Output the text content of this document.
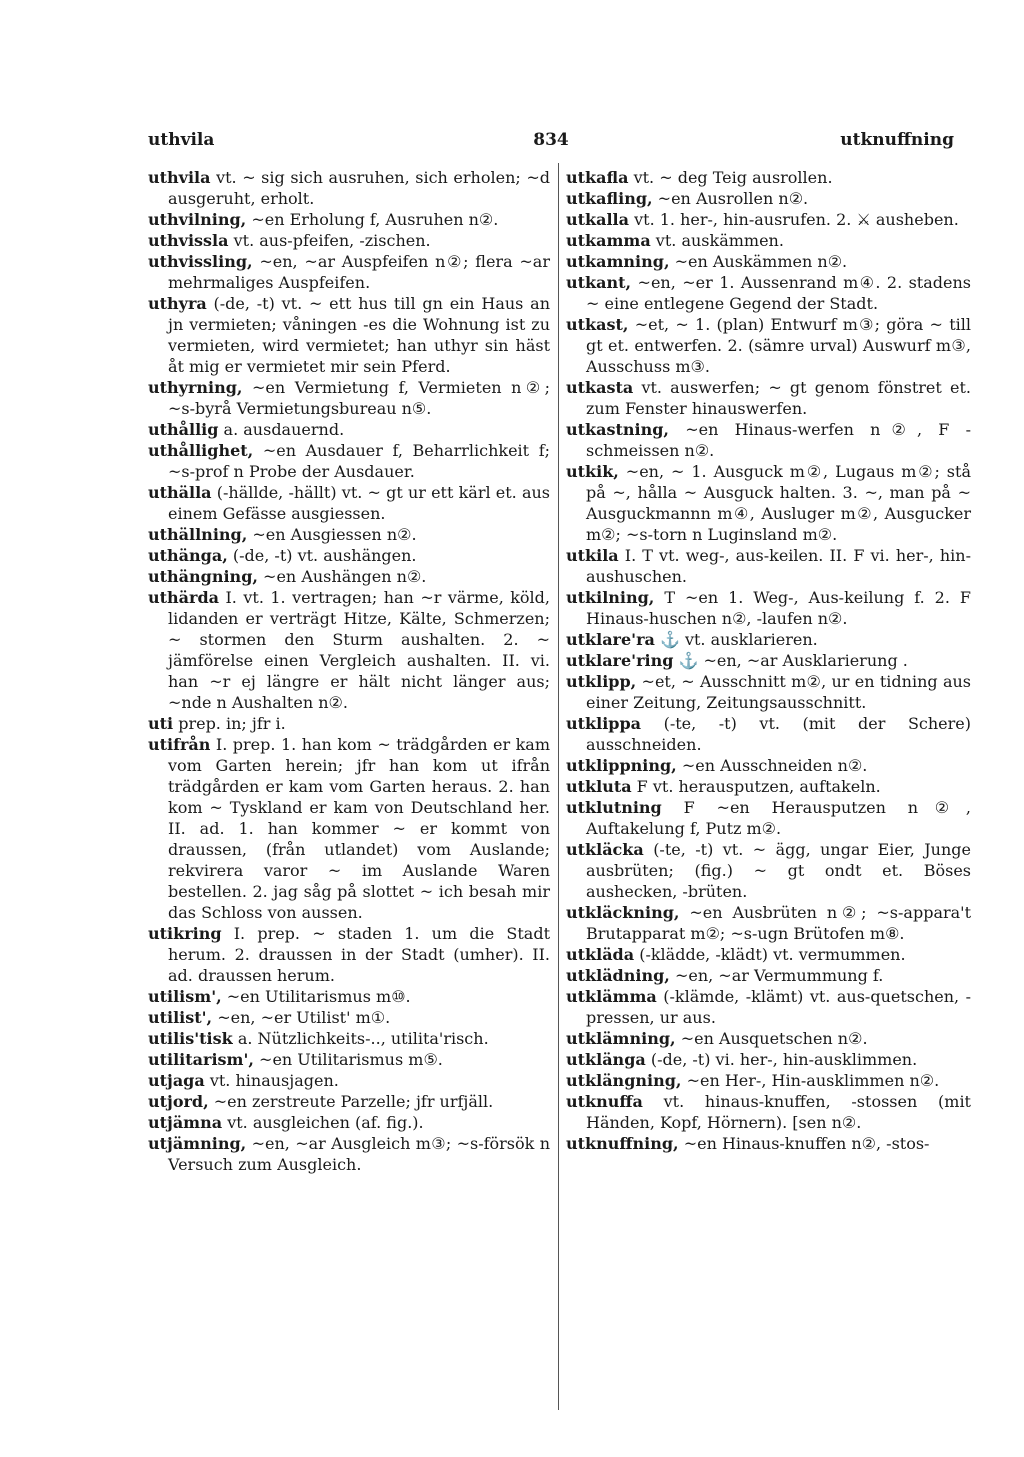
uthvila	834	utknuffning

uthvila vt. ~ sig sich ausruhen, sich erholen; ~d ausgeruht, erholt.

uthvilning, ~en Erholung f, Ausruhen n②.

uthvissla vt. aus-pfeifen, -zischen.

uthvissling, ~en, ~ar Auspfeifen n②; flera ~ar mehrmaliges Auspfeifen.

uthyra (-de, -t) vt. ~ ett hus till gn ein Haus an jn vermieten; våningen -es die Wohnung ist zu vermieten, wird vermietet; han uthyr sin häst åt mig er vermietet mir sein Pferd.

uthyrning, ~en Vermietung f, Vermieten n②; ~s-byrå Vermietungsbureau n⑤.

uthållig a. ausdauernd.

uthållighet, ~en Ausdauer f, Beharrlichkeit f; ~s-prof n Probe der Ausdauer.

uthälla (-hällde, -hällt) vt. ~ gt ur ett kärl et. aus einem Gefässe ausgiessen.

uthällning, ~en Ausgiessen n②.

uthänga, (-de, -t) vt. aushängen.

uthängning, ~en Aushängen n②.

uthärda I. vt. 1. vertragen; han ~r värme, köld, lidanden er verträgt Hitze, Kälte, Schmerzen; ~ stormen den Sturm aushalten. 2. ~ jämförelse einen Vergleich aushalten. II. vi. han ~r ej längre er hält nicht länger aus; ~nde n Aushalten n②.

uti prep. in; jfr i.

utifrån I. prep. 1. han kom ~ trädgården er kam vom Garten herein; jfr han kom ut ifrån trädgården er kam vom Garten heraus. 2. han kom ~ Tyskland er kam von Deutschland her. II. ad. 1. han kommer ~ er kommt von draussen, (från utlandet) vom Auslande; rekvirera varor ~ im Auslande Waren bestellen. 2. jag såg på slottet ~ ich besah mir das Schloss von aussen.

utikring I. prep. ~ staden 1. um die Stadt herum. 2. draussen in der Stadt (umher). II. ad. draussen herum.

utilism', ~en Utilitarismus m⑩.

utilist', ~en, ~er Utilist' m①.

utilis'tisk a. Nützlichkeits-.., utilita'risch.

utilitarism', ~en Utilitarismus m⑤.

utjaga vt. hinausjagen.

utjord, ~en zerstreute Parzelle; jfr urfjäll.

utjämna vt. ausgleichen (af. fig.).

utjämning, ~en, ~ar Ausgleich m③; ~s-försök n Versuch zum Ausgleich.

utkafla vt. ~ deg Teig ausrollen.

utkafling, ~en Ausrollen n②.

utkalla vt. 1. her-, hin-ausrufen. 2. ⚔ ausheben.

utkamma vt. auskämmen.

utkamning, ~en Auskämmen n②.

utkant, ~en, ~er 1. Aussenrand m④. 2. stadens ~ eine entlegene Gegend der Stadt.

utkast, ~et, ~ 1. (plan) Entwurf m③; göra ~ till gt et. entwerfen. 2. (sämre urval) Auswurf m③, Ausschuss m③.

utkasta vt. auswerfen; ~ gt genom fönstret et. zum Fenster hinauswerfen.

utkastning, ~en Hinaus-werfen n②, F -schmeissen n②.

utkik, ~en, ~ 1. Ausguck m②, Lugaus m②; stå på ~, hålla ~ Ausguck halten. 3. ~, man på ~ Ausguckmannn m④, Ausluger m②, Ausgucker m②; ~s-torn n Luginsland m②.

utkila I. T vt. weg-, aus-keilen. II. F vi. her-, hin-aushuschen.

utkilning, T ~en 1. Weg-, Aus-keilung f. 2. F Hinaus-huschen n②, -laufen n②.

utklare'ra ⚓ vt. ausklarieren.

utklare'ring ⚓ ~en, ~ar Ausklarierung .

utklipp, ~et, ~ Ausschnitt m②, ur en tidning aus einer Zeitung, Zeitungsausschnitt.

utklippa (-te, -t) vt. (mit der Schere) ausschneiden.

utklippning, ~en Ausschneiden n②.

utkluta F vt. herausputzen, auftakeln.

utklutning F ~en Herausputzen n②, Auftakelung f, Putz m②.

utkläcka (-te, -t) vt. ~ ägg, ungar Eier, Junge ausbrüten; (fig.) ~ gt ondt et. Böses aushecken, -brüten.

utkläckning, ~en Ausbrüten n②; ~s-appara't Brutapparat m②; ~s-ugn Brütofen m⑧.

utkläda (-klädde, -klädt) vt. vermummen.

utklädning, ~en, ~ar Vermummung f.

utklämma (-klämde, -klämt) vt. aus-quetschen, -pressen, ur aus.

utklämning, ~en Ausquetschen n②.

utklänga (-de, -t) vi. her-, hin-ausklimmen.

utklängning, ~en Her-, Hin-ausklimmen n②.

utknuffa vt. hinaus-knuffen, -stossen (mit Händen, Kopf, Hörnern). [sen n②.

utknuffning, ~en Hinaus-knuffen n②, -stos-
